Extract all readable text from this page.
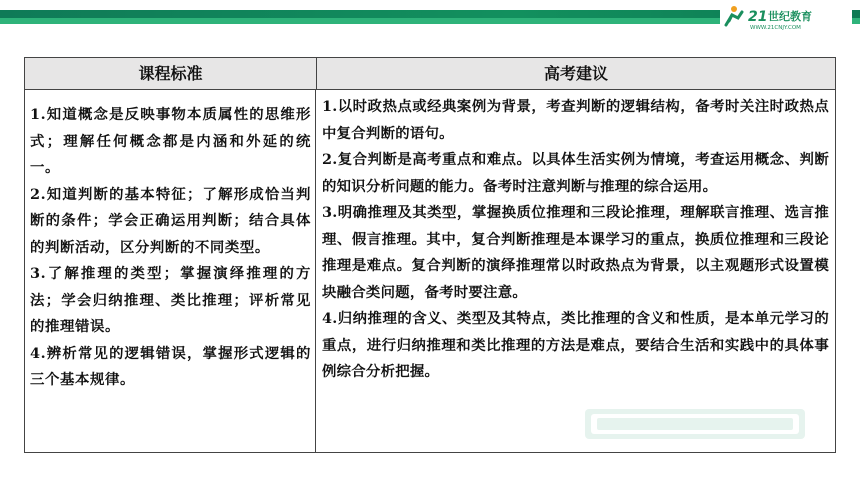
21 世纪教育
WWW.21CNJY.COM
课程标准	高考建议

1.知道概念是反映事物本质属性的思维形式；理解任何概念都是内涵和外延的统一。

2.知道判断的基本特征；了解形成恰当判断的条件；学会正确运用判断；结合具体的判断活动，区分判断的不同类型。

3.了解推理的类型；掌握演绎推理的方法；学会归纳推理、类比推理；评析常见的推理错误。

4.辨析常见的逻辑错误，掌握形式逻辑的三个基本规律。

1.以时政热点或经典案例为背景，考查判断的逻辑结构，备考时关注时政热点中复合判断的语句。

2.复合判断是高考重点和难点。以具体生活实例为情境，考查运用概念、判断的知识分析问题的能力。备考时注意判断与推理的综合运用。

3.明确推理及其类型，掌握换质位推理和三段论推理，理解联言推理、选言推理、假言推理。其中，复合判断推理是本课学习的重点，换质位推理和三段论推理是难点。复合判断的演绎推理常以时政热点为背景，以主观题形式设置模块融合类问题，备考时要注意。

4.归纳推理的含义、类型及其特点，类比推理的含义和性质，是本单元学习的重点，进行归纳推理和类比推理的方法是难点，要结合生活和实践中的具体事例综合分析把握。
